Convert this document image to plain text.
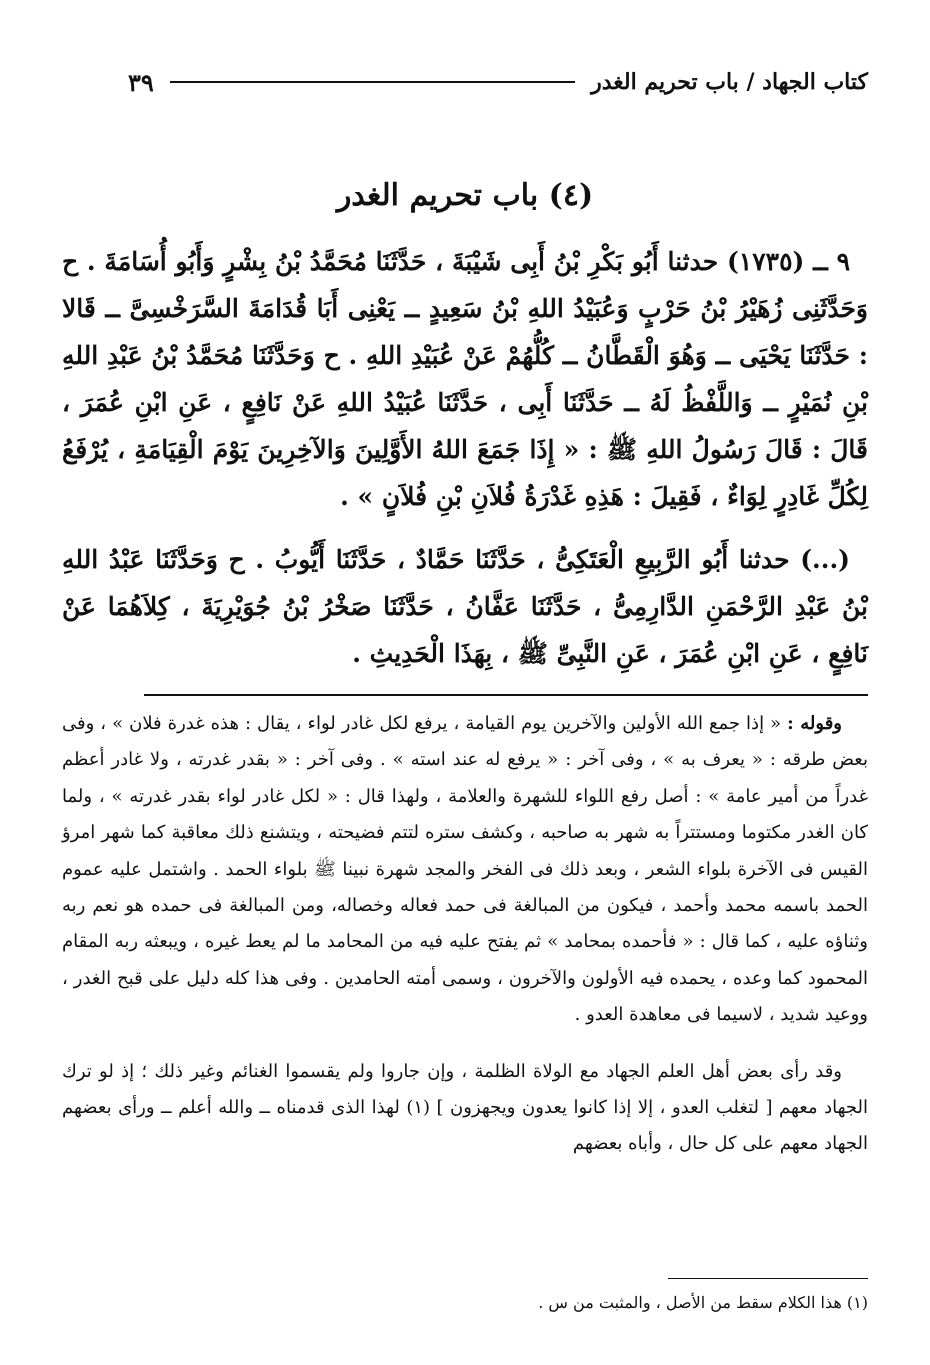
كتاب الجهاد / باب تحريم الغدر
٣٩
(٤) باب تحريم الغدر

٩ ــ (١٧٣٥) حدثنا أَبُو بَكْرِ بْنُ أَبِى شَيْبَةَ ، حَدَّثَنَا مُحَمَّدُ بْنُ بِشْرٍ وَأَبُو أُسَامَةَ . ح وَحَدَّثَنِى زُهَيْرُ بْنُ حَرْبٍ وَعُبَيْدُ اللهِ بْنُ سَعِيدٍ ــ يَعْنِى أَبَا قُدَامَةَ السَّرَخْسِىَّ ــ قَالا : حَدَّثَنَا يَحْيَى ــ وَهُوَ الْقَطَّانُ ــ كُلُّهُمْ عَنْ عُبَيْدِ اللهِ . ح وَحَدَّثَنَا مُحَمَّدُ بْنُ عَبْدِ اللهِ بْنِ نُمَيْرٍ ــ وَاللَّفْظُ لَهُ ــ حَدَّثَنَا أَبِى ، حَدَّثَنَا عُبَيْدُ اللهِ عَنْ نَافِعٍ ، عَنِ ابْنِ عُمَرَ ، قَالَ : قَالَ رَسُولُ اللهِ ﷺ : « إِذَا جَمَعَ اللهُ الأَوَّلِينَ وَالآخِرِينَ يَوْمَ الْقِيَامَةِ ، يُرْفَعُ لِكُلِّ غَادِرٍ لِوَاءٌ ، فَقِيلَ : هَذِهِ غَدْرَةُ فُلاَنِ بْنِ فُلاَنٍ » .

(...) حدثنا أَبُو الرَّبِيعِ الْعَتَكِىُّ ، حَدَّثَنَا حَمَّادٌ ، حَدَّثَنَا أَيُّوبُ . ح وَحَدَّثَنَا عَبْدُ اللهِ بْنُ عَبْدِ الرَّحْمَنِ الدَّارِمِىُّ ، حَدَّثَنَا عَفَّانُ ، حَدَّثَنَا صَخْرُ بْنُ جُوَيْرِيَةَ ، كِلاَهُمَا عَنْ نَافِعٍ ، عَنِ ابْنِ عُمَرَ ، عَنِ النَّبِىِّ ﷺ ، بِهَذَا الْحَدِيثِ .

وقوله : « إذا جمع الله الأولين والآخرين يوم القيامة ، يرفع لكل غادر لواء ، يقال : هذه غدرة فلان » ، وفى بعض طرقه : « يعرف به » ، وفى آخر : « يرفع له عند استه » . وفى آخر : « بقدر غدرته ، ولا غادر أعظم غدراً من أمير عامة » : أصل رفع اللواء للشهرة والعلامة ، ولهذا قال : « لكل غادر لواء بقدر غدرته » ، ولما كان الغدر مكتوما ومستتراً به شهر به صاحبه ، وكشف ستره لتتم فضيحته ، ويتشنع ذلك معاقبة كما شهر امرؤ القيس فى الآخرة بلواء الشعر ، وبعد ذلك فى الفخر والمجد شهرة نبينا ﷺ بلواء الحمد . واشتمل عليه عموم الحمد باسمه محمد وأحمد ، فيكون من المبالغة فى حمد فعاله وخصاله، ومن المبالغة فى حمده هو نعم ربه وثناؤه عليه ، كما قال : « فأحمده بمحامد » ثم يفتح عليه فيه من المحامد ما لم يعط غيره ، ويبعثه ربه المقام المحمود كما وعده ، يحمده فيه الأولون والآخرون ، وسمى أمته الحامدين . وفى هذا كله دليل على قبح الغدر ، ووعيد شديد ، لاسيما فى معاهدة العدو .

وقد رأى بعض أهل العلم الجهاد مع الولاة الظلمة ، وإن جاروا ولم يقسموا الغنائم وغير ذلك ؛ إذ لو ترك الجهاد معهم [ لتغلب العدو ، إلا إذا كانوا يعدون ويجهزون ] (١) لهذا الذى قدمناه ــ والله أعلم ــ ورأى بعضهم الجهاد معهم على كل حال ، وأباه بعضهم

(١) هذا الكلام سقط من الأصل ، والمثبت من س .
